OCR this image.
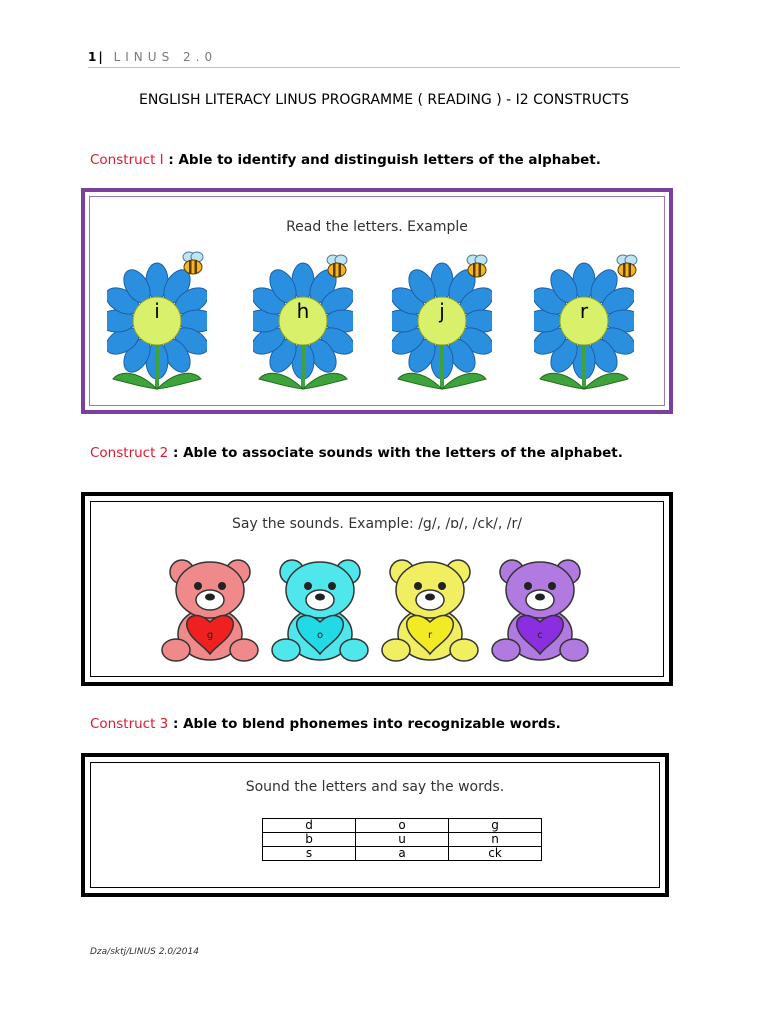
1| LINUS 2.0
ENGLISH LITERACY LINUS PROGRAMME ( READING ) - I2 CONSTRUCTS
Construct I : Able to identify and distinguish letters of the alphabet.
Read the letters. Example
i	h	j	r
Construct 2 : Able to associate sounds with the letters of the alphabet.
Say the sounds. Example: /g/, /ɒ/, /ck/, /r/
g	o	r	c
Construct 3 : Able to blend phonemes into recognizable words.
Sound the letters and say the words.
d	o	g
b	u	n
s	a	ck
Dza/sktj/LINUS 2.0/2014
